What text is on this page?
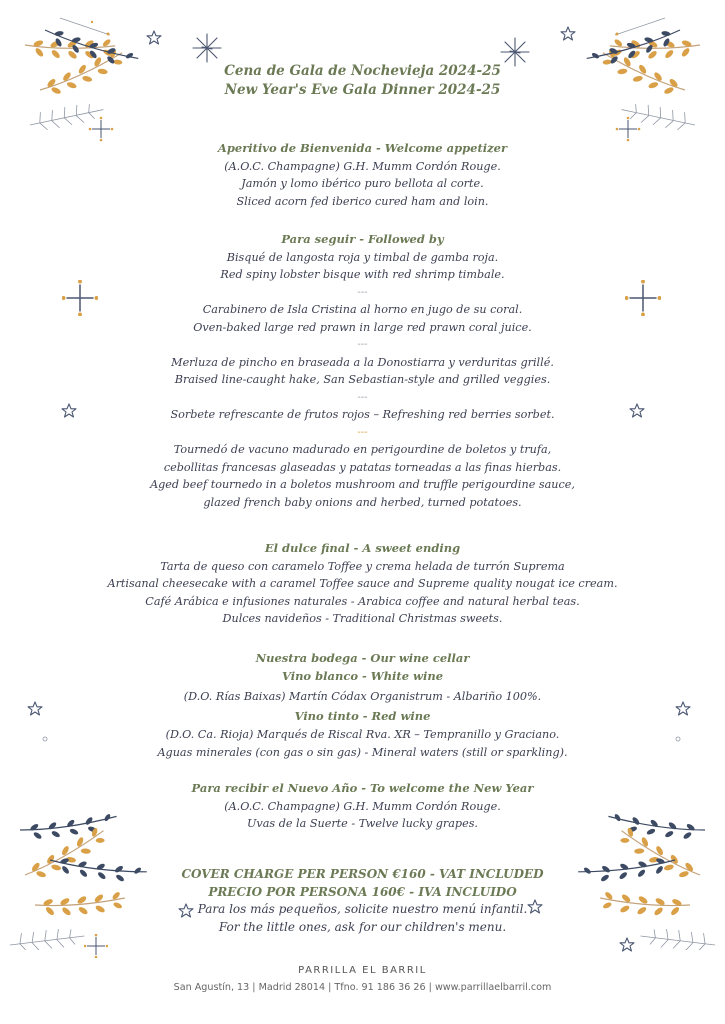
Cena de Gala de Nochevieja 2024-25
New Year's Eve Gala Dinner 2024-25
Aperitivo de Bienvenida - Welcome appetizer
(A.O.C. Champagne) G.H. Mumm Cordón Rouge.
Jamón y lomo ibérico puro bellota al corte.
Sliced acorn fed iberico cured ham and loin.
Para seguir - Followed by
Bisqué de langosta roja y timbal de gamba roja.
Red spiny lobster bisque with red shrimp timbale.
---
Carabinero de Isla Cristina al horno en jugo de su coral.
Oven-baked large red prawn in large red prawn coral juice.
---
Merluza de pincho en braseada a la Donostiarra y verduritas grillé.
Braised line-caught hake, San Sebastian-style and grilled veggies.
---
Sorbete refrescante de frutos rojos – Refreshing red berries sorbet.
---
Tournedó de vacuno madurado en perigourdine de boletos y trufa,
cebollitas francesas glaseadas y patatas torneadas a las finas hierbas.
Aged beef tournedo in a boletos mushroom and truffle perigourdine sauce,
glazed french baby onions and herbed, turned potatoes.
El dulce final - A sweet ending
Tarta de queso con caramelo Toffee y crema helada de turrón Suprema
Artisanal cheesecake with a caramel Toffee sauce and Supreme quality nougat ice cream.
Café Arábica e infusiones naturales - Arabica coffee and natural herbal teas.
Dulces navideños - Traditional Christmas sweets.
Nuestra bodega - Our wine cellar
Vino blanco - White wine
(D.O. Rías Baixas) Martín Códax Organistrum - Albariño 100%.
Vino tinto - Red wine
(D.O. Ca. Rioja) Marqués de Riscal Rva. XR – Tempranillo y Graciano.
Aguas minerales (con gas o sin gas) - Mineral waters (still or sparkling).
Para recibir el Nuevo Año - To welcome the New Year
(A.O.C. Champagne) G.H. Mumm Cordón Rouge.
Uvas de la Suerte - Twelve lucky grapes.
COVER CHARGE PER PERSON €160 - VAT INCLUDED
PRECIO POR PERSONA 160€ - IVA INCLUIDO
Para los más pequeños, solicite nuestro menú infantil.
For the little ones, ask for our children's menu.
PARRILLA EL BARRIL
San Agustín, 13 | Madrid 28014 | Tfno. 91 186 36 26 | www.parrillaelbarril.com
